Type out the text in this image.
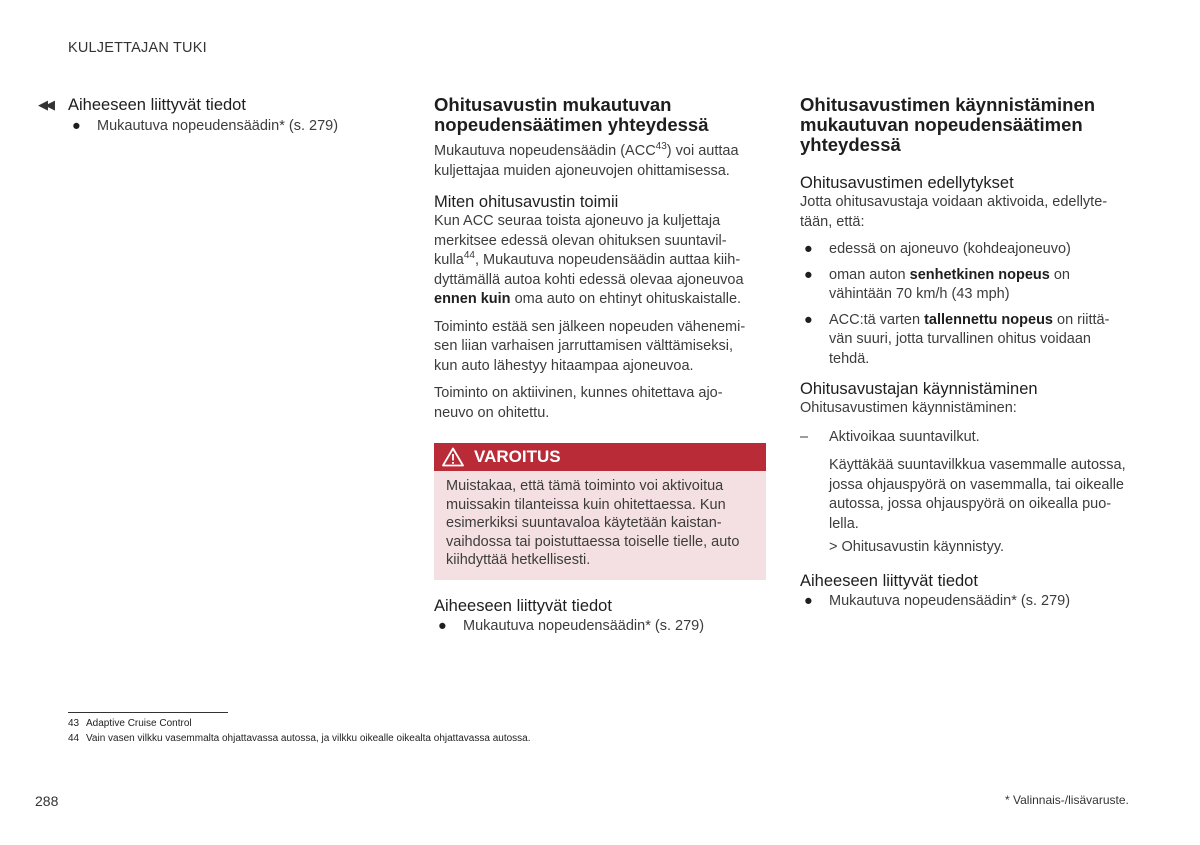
KULJETTAJAN TUKI
◀◀ Aiheeseen liittyvät tiedot
● Mukautuva nopeudensäädin* (s. 279)
Ohitusavustin mukautuvan
nopeudensäätimen yhteydessä

Mukautuva nopeudensäädin (ACC$^{43}$) voi auttaa
kuljettajaa muiden ajoneuvojen ohittamisessa.

Miten ohitusavustin toimii

Kun ACC seuraa toista ajoneuvo ja kuljettaja
merkitsee edessä olevan ohituksen suuntavil-
kulla$^{44}$, Mukautuva nopeudensäädin auttaa kiih-
dyttämällä autoa kohti edessä olevaa ajoneuvoa
ennen kuin oma auto on ehtinyt ohituskaistalle.

Toiminto estää sen jälkeen nopeuden vähenemi-
sen liian varhaisen jarruttamisen välttämiseksi,
kun auto lähestyy hitaampaa ajoneuvoa.

Toiminto on aktiivinen, kunnes ohitettava ajo-
neuvo on ohitettu.

VAROITUS

Muistakaa, että tämä toiminto voi aktivoitua
muissakin tilanteissa kuin ohitettaessa. Kun
esimerkiksi suuntavaloa käytetään kaistan-
vaihdossa tai poistuttaessa toiselle tielle, auto
kiihdyttää hetkellisesti.

Aiheeseen liittyvät tiedot
● Mukautuva nopeudensäädin* (s. 279)
Ohitusavustimen käynnistäminen
mukautuvan nopeudensäätimen
yhteydessä
Ohitusavustimen edellytykset

Jotta ohitusavustaja voidaan aktivoida, edellyte-
tään, että:

● edessä on ajoneuvo (kohdeajoneuvo)
● oman auton senhetkinen nopeus on
vähintään 70 km/h (43 mph)
● ACC:tä varten tallennettu nopeus on riittä-
vän suuri, jotta turvallinen ohitus voidaan
tehdä.
Ohitusavustajan käynnistäminen

Ohitusavustimen käynnistäminen:

– Aktivoikaa suuntavilkut.

Käyttäkää suuntavilkkua vasemmalle autossa,
jossa ohjauspyörä on vasemmalla, tai oikealle
autossa, jossa ohjauspyörä on oikealla puo-
lella.

> Ohitusavustin käynnistyy.
Aiheeseen liittyvät tiedot
● Mukautuva nopeudensäädin* (s. 279)
43 Adaptive Cruise Control
44 Vain vasen vilkku vasemmalta ohjattavassa autossa, ja vilkku oikealle oikealta ohjattavassa autossa.
288	* Valinnais-/lisävaruste.
